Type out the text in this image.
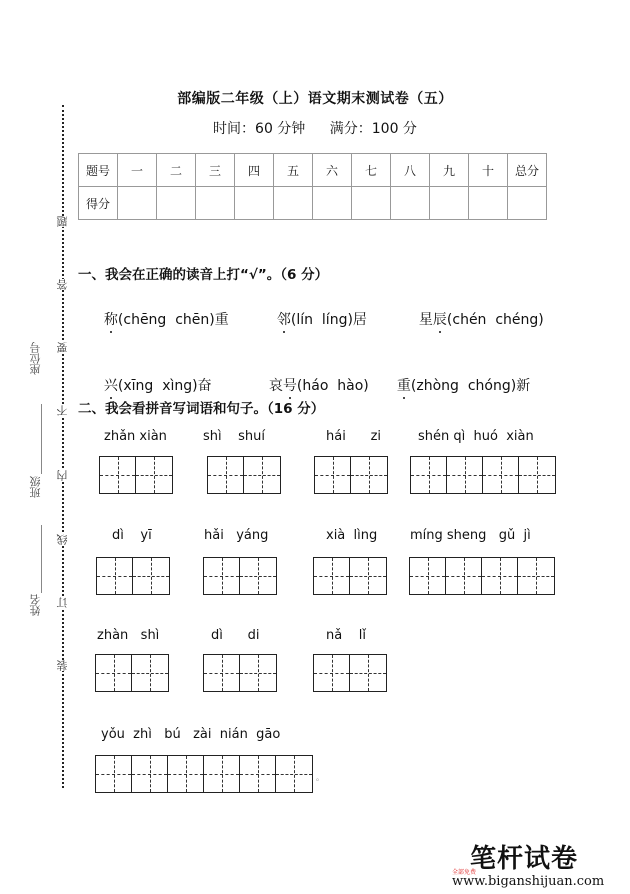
部编版二年级（上）语文期末测试卷（五）
时间：60 分钟 满分：100 分
题号	一	二	三	四	五	六	七	八	九	十	总分
得分											
一、我会在正确的读音上打“√”。（6 分）

称(chēng  chēn)重	邻(lín  líng)居	星辰(chén  chéng)

兴(xīng  xìng)奋	哀号(háo  hào)	重(zhòng  chóng)新

二、我会看拼音写词语和句子。（16 分）
zhǎn xiàn	shì    shuí	hái      zi	shén qì  huó  xiàn
dì    yī	hǎi   yáng	xià  lìng	míng sheng   gǔ  jì
zhàn   shì	dì      di	nǎ    lǐ
yǒu  zhì   bú   zài  nián  gāo
。
题
答
要
不
内
线
订
装
座位号
班级
姓名
笔杆试卷
全部免费
www.biganshijuan.com
